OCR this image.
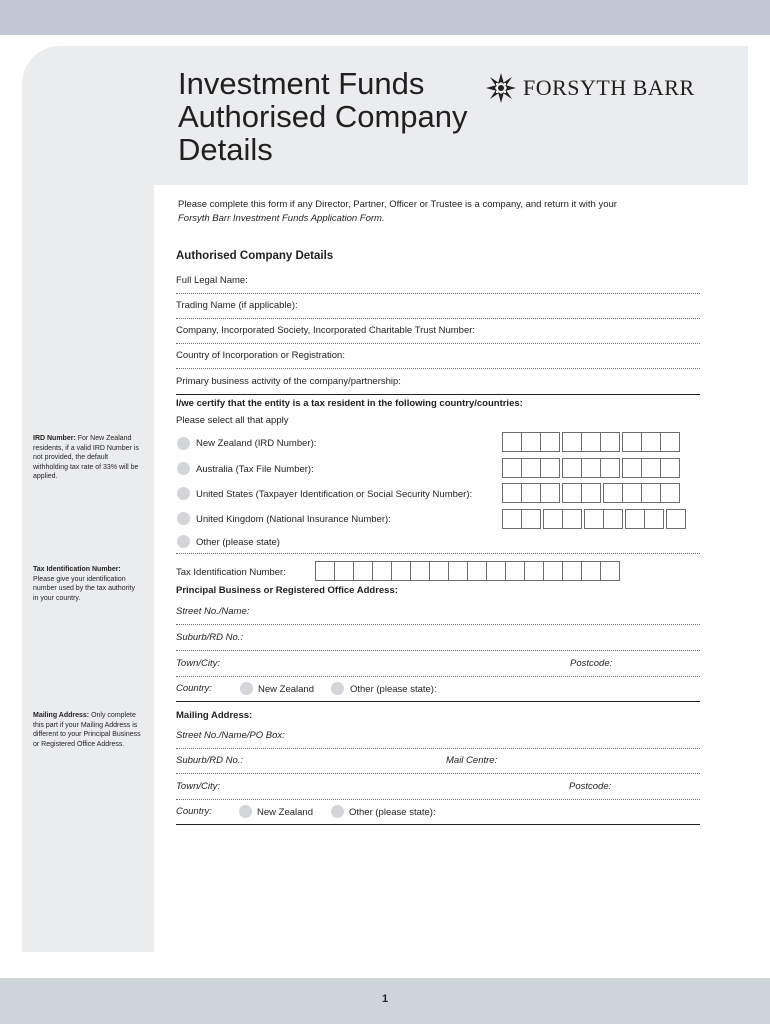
Investment Funds
Authorised Company
Details
FORSYTH BARR
Please complete this form if any Director, Partner, Officer or Trustee is a company, and return it with your
Forsyth Barr Investment Funds Application Form.
Authorised Company Details
Full Legal Name:
Trading Name (if applicable):
Company, Incorporated Society, Incorporated Charitable Trust Number:
Country of Incorporation or Registration:
Primary business activity of the company/partnership:
I/we certify that the entity is a tax resident in the following country/countries:
Please select all that apply
New Zealand (IRD Number):
Australia (Tax File Number):
United States (Taxpayer Identification or Social Security Number):
United Kingdom (National Insurance Number):
Other (please state)
Tax Identification Number:
Principal Business or Registered Office Address:
Street No./Name:
Suburb/RD No.:
Town/City:	Postcode:
Country:	New Zealand	Other (please state):
Mailing Address:
Street No./Name/PO Box:
Suburb/RD No.:	Mail Centre:
Town/City:	Postcode:
Country:	New Zealand	Other (please state):
IRD Number: For New Zealand residents, if a valid IRD Number is not provided, the default withholding tax rate of 33% will be applied.
Tax Identification Number: Please give your identification number used by the tax authority in your country.
Mailing Address: Only complete this part if your Mailing Address is different to your Principal Business or Registered Office Address.
1
